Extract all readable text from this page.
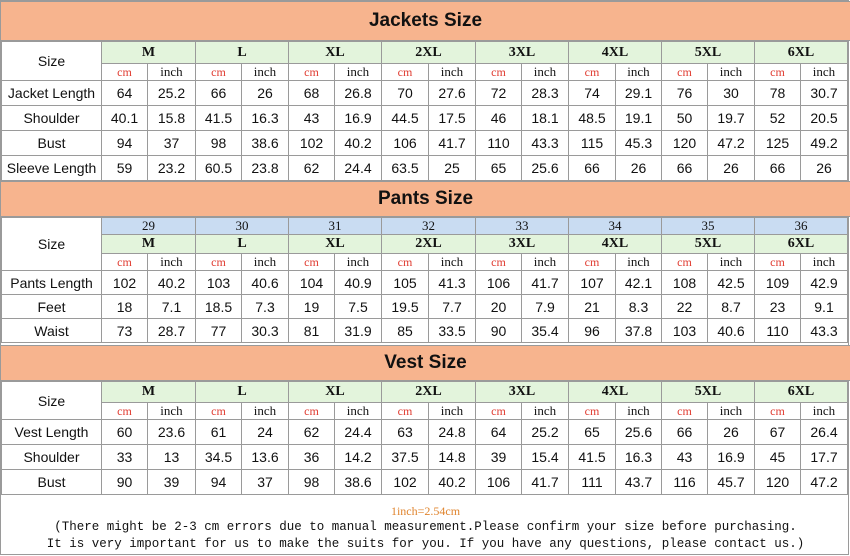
Jackets Size
Size	M		L		XL		2XL		3XL		4XL		5XL		6XL	
	cm	inch	cm	inch	cm	inch	cm	inch	cm	inch	cm	inch	cm	inch	cm	inch
Jacket Length	64	25.2	66	26	68	26.8	70	27.6	72	28.3	74	29.1	76	30	78	30.7
Shoulder	40.1	15.8	41.5	16.3	43	16.9	44.5	17.5	46	18.1	48.5	19.1	50	19.7	52	20.5
Bust	94	37	98	38.6	102	40.2	106	41.7	110	43.3	115	45.3	120	47.2	125	49.2
Sleeve Length	59	23.2	60.5	23.8	62	24.4	63.5	25	65	25.6	66	26	66	26	66	26
Pants Size
Size	29		30		31		32		33		34		35		36	
	M		L		XL		2XL		3XL		4XL		5XL		6XL	
	cm	inch	cm	inch	cm	inch	cm	inch	cm	inch	cm	inch	cm	inch	cm	inch
Pants Length	102	40.2	103	40.6	104	40.9	105	41.3	106	41.7	107	42.1	108	42.5	109	42.9
Feet	18	7.1	18.5	7.3	19	7.5	19.5	7.7	20	7.9	21	8.3	22	8.7	23	9.1
Waist	73	28.7	77	30.3	81	31.9	85	33.5	90	35.4	96	37.8	103	40.6	110	43.3
Vest Size
Size	M		L		XL		2XL		3XL		4XL		5XL		6XL	
	cm	inch	cm	inch	cm	inch	cm	inch	cm	inch	cm	inch	cm	inch	cm	inch
Vest Length	60	23.6	61	24	62	24.4	63	24.8	64	25.2	65	25.6	66	26	67	26.4
Shoulder	33	13	34.5	13.6	36	14.2	37.5	14.8	39	15.4	41.5	16.3	43	16.9	45	17.7
Bust	90	39	94	37	98	38.6	102	40.2	106	41.7	111	43.7	116	45.7	120	47.2
1inch=2.54cm
(There might be 2-3 cm errors due to manual measurement.Please confirm your size before purchasing.
It is very important for us to make the suits for you. If you have any questions, please contact us.)
